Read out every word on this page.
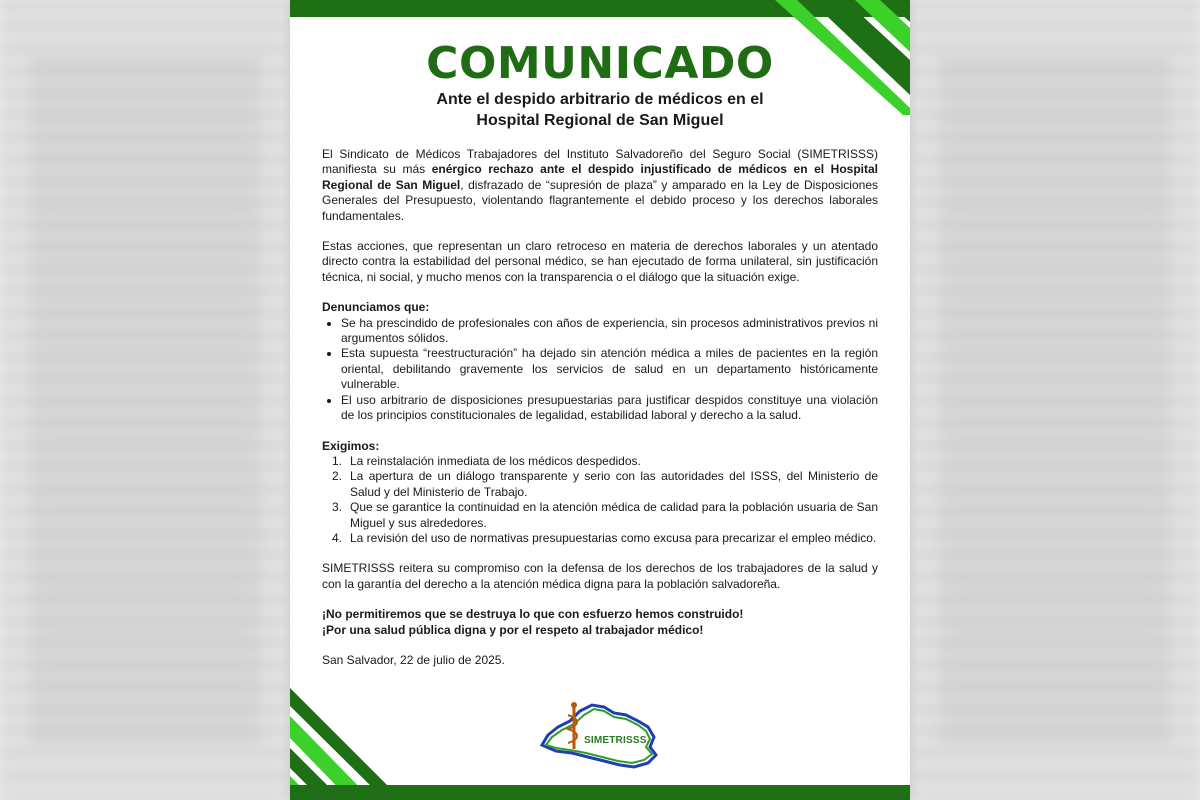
COMUNICADO
Ante el despido arbitrario de médicos en el
Hospital Regional de San Miguel

El Sindicato de Médicos Trabajadores del Instituto Salvadoreño del Seguro Social (SIMETRISSS) manifiesta su más enérgico rechazo ante el despido injustificado de médicos en el Hospital Regional de San Miguel, disfrazado de “supresión de plaza” y amparado en la Ley de Disposiciones Generales del Presupuesto, violentando flagrantemente el debido proceso y los derechos laborales fundamentales.

Estas acciones, que representan un claro retroceso en materia de derechos laborales y un atentado directo contra la estabilidad del personal médico, se han ejecutado de forma unilateral, sin justificación técnica, ni social, y mucho menos con la transparencia o el diálogo que la situación exige.

Denunciamos que:

• Se ha prescindido de profesionales con años de experiencia, sin procesos administrativos previos ni argumentos sólidos.
• Esta supuesta “reestructuración” ha dejado sin atención médica a miles de pacientes en la región oriental, debilitando gravemente los servicios de salud en un departamento históricamente vulnerable.
• El uso arbitrario de disposiciones presupuestarias para justificar despidos constituye una violación de los principios constitucionales de legalidad, estabilidad laboral y derecho a la salud.

Exigimos:

1. La reinstalación inmediata de los médicos despedidos.
2. La apertura de un diálogo transparente y serio con las autoridades del ISSS, del Ministerio de Salud y del Ministerio de Trabajo.
3. Que se garantice la continuidad en la atención médica de calidad para la población usuaria de San Miguel y sus alrededores.
4. La revisión del uso de normativas presupuestarias como excusa para precarizar el empleo médico.

SIMETRISSS reitera su compromiso con la defensa de los derechos de los trabajadores de la salud y con la garantía del derecho a la atención médica digna para la población salvadoreña.

¡No permitiremos que se destruya lo que con esfuerzo hemos construido!

¡Por una salud pública digna y por el respeto al trabajador médico!

San Salvador, 22 de julio de 2025.

SIMETRISSS
